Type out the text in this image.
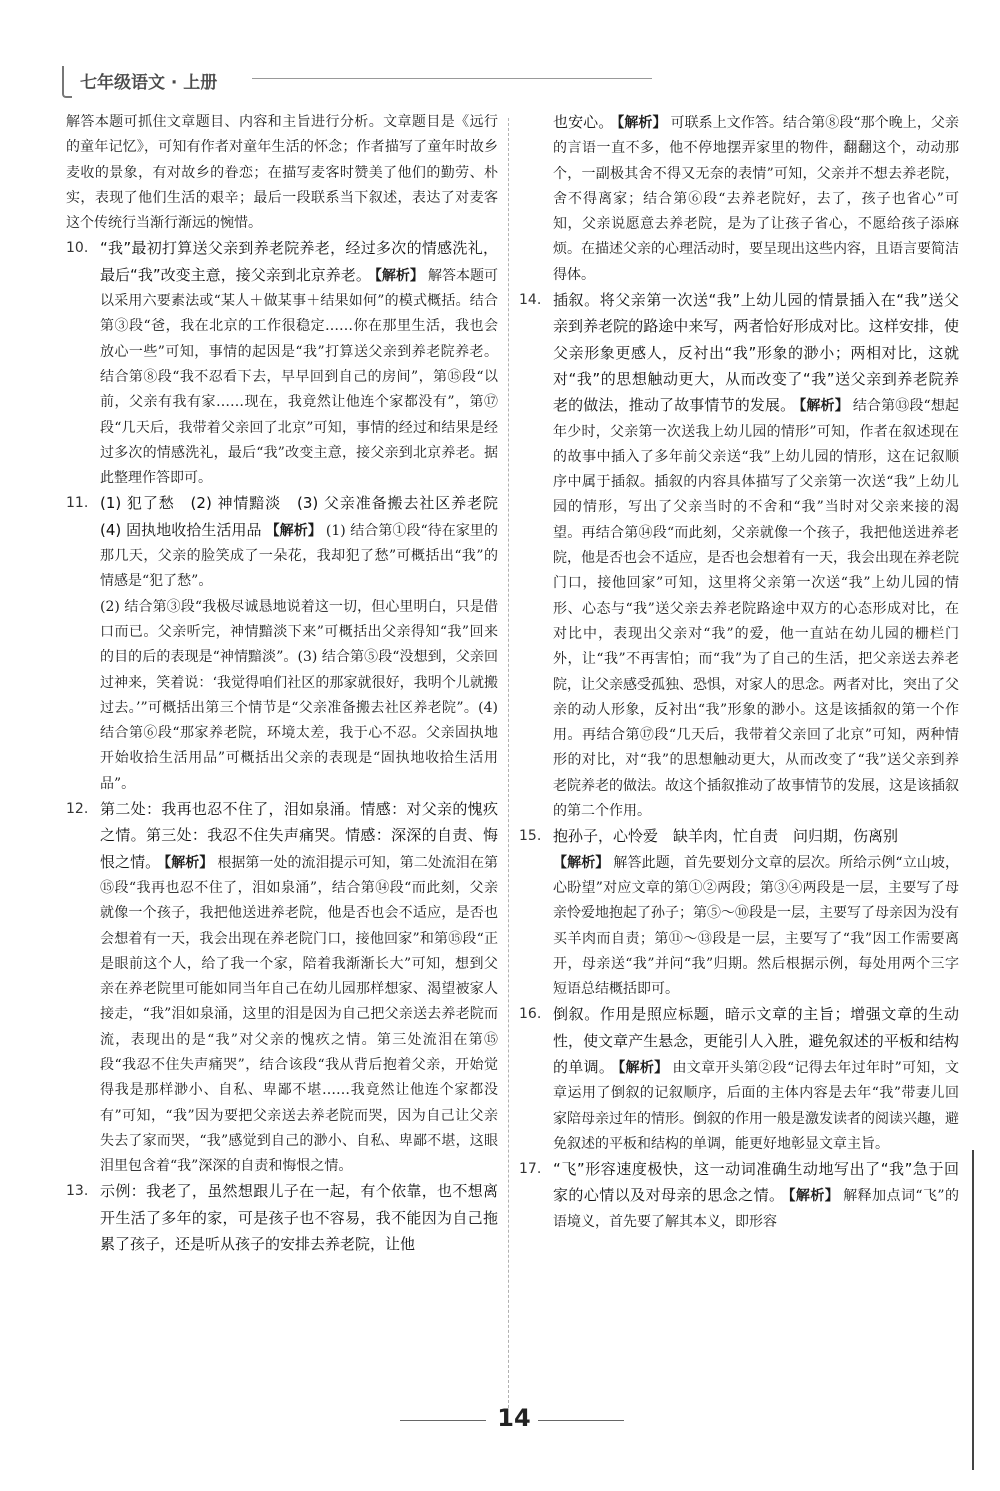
七年级语文 · 上册

解答本题可抓住文章题目、内容和主旨进行分析。文章题目是《远行的童年记忆》，可知有作者对童年生活的怀念；作者描写了童年时故乡麦收的景象，有对故乡的眷恋；在描写麦客时赞美了他们的勤劳、朴实，表现了他们生活的艰辛；最后一段联系当下叙述，表达了对麦客这个传统行当渐行渐远的惋惜。

10. “我”最初打算送父亲到养老院养老，经过多次的情感洗礼，最后“我”改变主意，接父亲到北京养老。 【解析】 解答本题可以采用六要素法或“某人＋做某事＋结果如何”的模式概括。结合第③段“爸，我在北京的工作很稳定……你在那里生活，我也会放心一些”可知，事情的起因是“我”打算送父亲到养老院养老。结合第⑧段“我不忍看下去，早早回到自己的房间”，第⑮段“以前，父亲有我有家……现在，我竟然让他连个家都没有”，第⑰段“几天后，我带着父亲回了北京”可知，事情的经过和结果是经过多次的情感洗礼，最后“我”改变主意，接父亲到北京养老。据此整理作答即可。
11. (1) 犯了愁　(2) 神情黯淡　(3) 父亲准备搬去社区养老院　(4) 固执地收拾生活用品 【解析】 (1) 结合第①段“待在家里的那几天，父亲的脸笑成了一朵花，我却犯了愁”可概括出“我”的情感是“犯了愁”。

(2) 结合第③段“我极尽诚恳地说着这一切，但心里明白，只是借口而已。父亲听完，神情黯淡下来”可概括出父亲得知“我”回来的目的后的表现是“神情黯淡”。(3) 结合第⑤段“没想到，父亲回过神来，笑着说：‘我觉得咱们社区的那家就很好，我明个儿就搬过去。’”可概括出第三个情节是“父亲准备搬去社区养老院”。(4) 结合第⑥段“那家养老院，环境太差，我于心不忍。父亲固执地开始收拾生活用品”可概括出父亲的表现是“固执地收拾生活用品”。

12. 第二处：我再也忍不住了，泪如泉涌。情感：对父亲的愧疚之情。第三处：我忍不住失声痛哭。情感：深深的自责、悔恨之情。 【解析】 根据第一处的流泪提示可知，第二处流泪在第⑮段“我再也忍不住了，泪如泉涌”，结合第⑭段“而此刻，父亲就像一个孩子，我把他送进养老院，他是否也会不适应，是否也会想着有一天，我会出现在养老院门口，接他回家”和第⑮段“正是眼前这个人，给了我一个家，陪着我渐渐长大”可知，想到父亲在养老院里可能如同当年自己在幼儿园那样想家、渴望被家人接走，“我”泪如泉涌，这里的泪是因为自己把父亲送去养老院而流，表现出的是“我”对父亲的愧疚之情。第三处流泪在第⑮段“我忍不住失声痛哭”，结合该段“我从背后抱着父亲，开始觉得我是那样渺小、自私、卑鄙不堪……我竟然让他连个家都没有”可知，“我”因为要把父亲送去养老院而哭，因为自己让父亲失去了家而哭，“我”感觉到自己的渺小、自私、卑鄙不堪，这眼泪里包含着“我”深深的自责和悔恨之情。
13. 示例：我老了，虽然想跟儿子在一起，有个依靠，也不想离开生活了多年的家，可是孩子也不容易，我不能因为自己拖累了孩子，还是听从孩子的安排去养老院，让他
也安心。 【解析】 可联系上文作答。结合第⑧段“那个晚上，父亲的言语一直不多，他不停地摆弄家里的物件，翻翻这个，动动那个，一副极其舍不得又无奈的表情”可知，父亲并不想去养老院，舍不得离家；结合第⑥段“去养老院好，去了，孩子也省心”可知，父亲说愿意去养老院，是为了让孩子省心，不愿给孩子添麻烦。在描述父亲的心理活动时，要呈现出这些内容，且语言要简洁得体。
14. 插叙。将父亲第一次送“我”上幼儿园的情景插入在“我”送父亲到养老院的路途中来写，两者恰好形成对比。这样安排，使父亲形象更感人，反衬出“我”形象的渺小；两相对比，这就对“我”的思想触动更大，从而改变了“我”送父亲到养老院养老的做法，推动了故事情节的发展。 【解析】 结合第⑬段“想起年少时，父亲第一次送我上幼儿园的情形”可知，作者在叙述现在的故事中插入了多年前父亲送“我”上幼儿园的情形，这在记叙顺序中属于插叙。插叙的内容具体描写了父亲第一次送“我”上幼儿园的情形，写出了父亲当时的不舍和“我”当时对父亲来接的渴望。再结合第⑭段“而此刻，父亲就像一个孩子，我把他送进养老院，他是否也会不适应，是否也会想着有一天，我会出现在养老院门口，接他回家”可知，这里将父亲第一次送“我”上幼儿园的情形、心态与“我”送父亲去养老院路途中双方的心态形成对比，在对比中，表现出父亲对“我”的爱，他一直站在幼儿园的栅栏门外，让“我”不再害怕；而“我”为了自己的生活，把父亲送去养老院，让父亲感受孤独、恐惧，对家人的思念。两者对比，突出了父亲的动人形象，反衬出“我”形象的渺小。这是该插叙的第一个作用。再结合第⑰段“几天后，我带着父亲回了北京”可知，两种情形的对比，对“我”的思想触动更大，从而改变了“我”送父亲到养老院养老的做法。故这个插叙推动了故事情节的发展，这是该插叙的第二个作用。
15. 抱孙子，心怜爱　缺羊肉，忙自责　问归期，伤离别

【解析】 解答此题，首先要划分文章的层次。所给示例“立山坡，心盼望”对应文章的第①②两段；第③④两段是一层，主要写了母亲怜爱地抱起了孙子；第⑤～⑩段是一层，主要写了母亲因为没有买羊肉而自责；第⑪～⑬段是一层，主要写了“我”因工作需要离开，母亲送“我”并问“我”归期。然后根据示例，每处用两个三字短语总结概括即可。

16. 倒叙。作用是照应标题，暗示文章的主旨；增强文章的生动性，使文章产生悬念，更能引人入胜，避免叙述的平板和结构的单调。 【解析】 由文章开头第②段“记得去年过年时”可知，文章运用了倒叙的记叙顺序，后面的主体内容是去年“我”带妻儿回家陪母亲过年的情形。倒叙的作用一般是激发读者的阅读兴趣，避免叙述的平板和结构的单调，能更好地彰显文章主旨。
17. “飞”形容速度极快，这一动词准确生动地写出了“我”急于回家的心情以及对母亲的思念之情。 【解析】 解释加点词“飞”的语境义，首先要了解其本义，即形容
14
